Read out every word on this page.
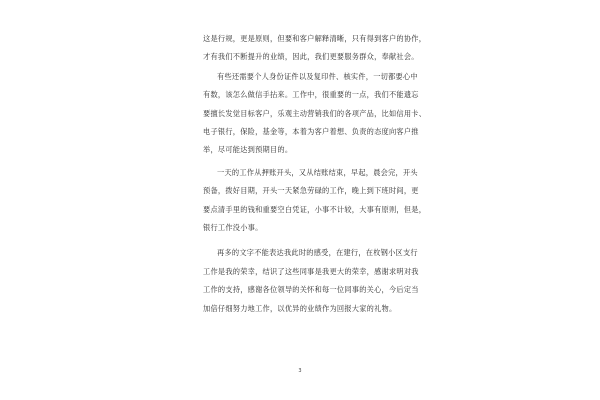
这是行规，更是原则，但要和客户解释清晰，只有得到客户的协作，
才有我们不断提升的业绩，因此，我们更要服务群众，奉献社会。

有些还需要个人身份证件以及复印件、核实件，一切都要心中
有数，该怎么做信手拈来。工作中，很重要的一点，我们不能遗忘
要擅长发觉目标客户，乐观主动营销我们的各项产品，比如信用卡、
电子银行，保险，基金等，本着为客户着想、负责的态度向客户推
举，尽可能达到预期目的。

一天的工作从押账开头，又从结账结束，早起，晨会完，开头
预备，拨好目期，开头一天紧急劳碌的工作，晚上到下班时间，更
要点清手里的钱和重要空白凭证，小事不计较，大事有原则，但是，
银行工作没小事。

再多的文字不能表达我此时的感受，在建行，在枚钢小区支行
工作是我的荣幸，结识了这些同事是我更大的荣幸，感谢求明对我
工作的支持，感谢各位领导的关怀和每一位同事的关心，今后定当
加倍仔细努力地工作，以优异的业绩作为回报大家的礼物。

3
